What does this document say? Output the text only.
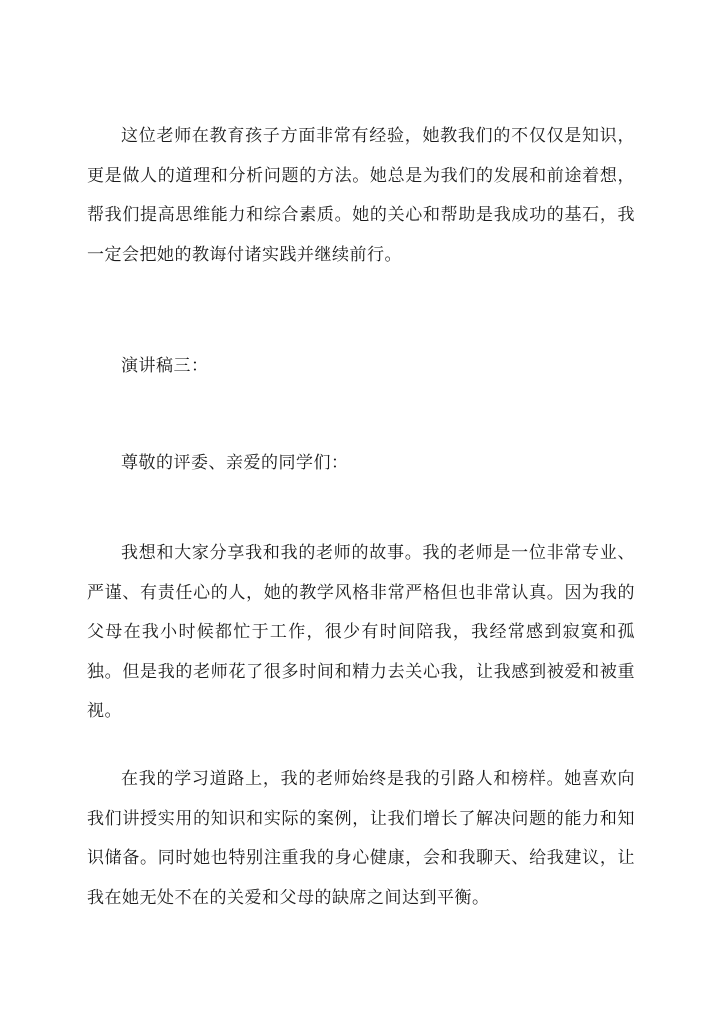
这位老师在教育孩子方面非常有经验，她教我们的不仅仅是知识，更是做人的道理和分析问题的方法。她总是为我们的发展和前途着想，帮我们提高思维能力和综合素质。她的关心和帮助是我成功的基石，我一定会把她的教诲付诸实践并继续前行。

演讲稿三：

尊敬的评委、亲爱的同学们：

我想和大家分享我和我的老师的故事。我的老师是一位非常专业、严谨、有责任心的人，她的教学风格非常严格但也非常认真。因为我的父母在我小时候都忙于工作，很少有时间陪我，我经常感到寂寞和孤独。但是我的老师花了很多时间和精力去关心我，让我感到被爱和被重视。

在我的学习道路上，我的老师始终是我的引路人和榜样。她喜欢向我们讲授实用的知识和实际的案例，让我们增长了解决问题的能力和知识储备。同时她也特别注重我的身心健康，会和我聊天、给我建议，让我在她无处不在的关爱和父母的缺席之间达到平衡。
